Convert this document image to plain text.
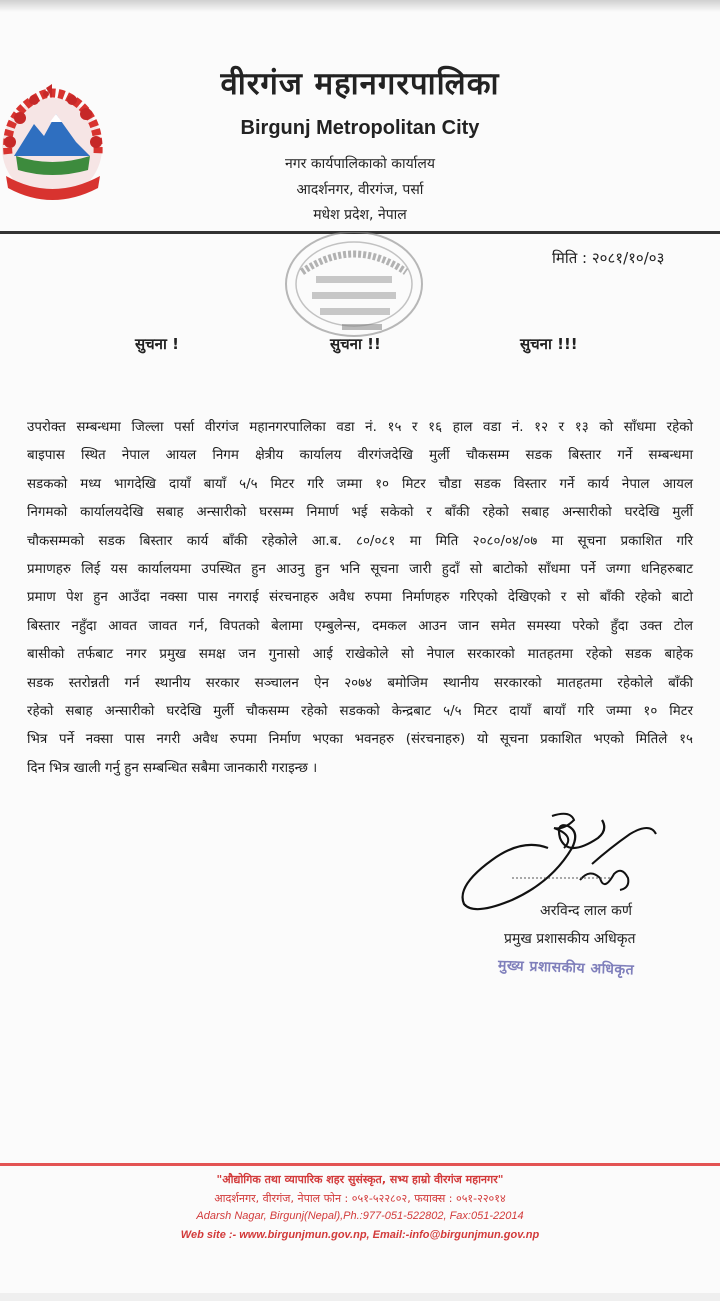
वीरगंज महानगरपालिका
Birgunj Metropolitan City
नगर कार्यपालिकाको कार्यालय
आदर्शनगर, वीरगंज, पर्सा
मधेश प्रदेश, नेपाल
मिति : २०८१/१०/०३
सुचना !	सुचना !!	सुचना !!!
उपरोक्त सम्बन्धमा जिल्ला पर्सा वीरगंज महानगरपालिका वडा नं. १५ र १६ हाल वडा नं. १२ र १३ को साँधमा रहेको
बाइपास स्थित नेपाल आयल निगम क्षेत्रीय कार्यालय वीरगंजदेखि मुर्ली चौकसम्म सडक बिस्तार गर्ने सम्बन्धमा
सडकको मध्य भागदेखि दायाँ बायाँ ५/५ मिटर गरि जम्मा १० मिटर चौडा सडक विस्तार गर्ने कार्य नेपाल आयल
निगमको कार्यालयदेखि सबाह अन्सारीको घरसम्म निमार्ण भई सकेको र बाँकी रहेको सबाह अन्सारीको घरदेखि मुर्ली
चौकसम्मको सडक बिस्तार कार्य बाँकी रहेकोले आ.ब. ८०/०८१ मा मिति २०८०/०४/०७ मा सूचना प्रकाशित गरि
प्रमाणहरु लिई यस कार्यालयमा उपस्थित हुन आउनु हुन भनि सूचना जारी हुदाँ सो बाटोको साँधमा पर्ने जग्गा धनिहरुबाट
प्रमाण पेश हुन आउँदा नक्सा पास नगराई संरचनाहरु अवैध रुपमा निर्माणहरु गरिएको देखिएको र सो बाँकी रहेको बाटो
बिस्तार नहुँदा आवत जावत गर्न, विपतको बेलामा एम्बुलेन्स, दमकल आउन जान समेत समस्या परेको हुँदा उक्त टोल
बासीको तर्फबाट नगर प्रमुख समक्ष जन गुनासो आई राखेकोले सो नेपाल सरकारको मातहतमा रहेको सडक बाहेक
सडक स्तरोन्नती गर्न स्थानीय सरकार सञ्चालन ऐन २०७४ बमोजिम स्थानीय सरकारको मातहतमा रहेकोले बाँकी
रहेको सबाह अन्सारीको घरदेखि मुर्ली चौकसम्म रहेको सडकको केन्द्रबाट ५/५ मिटर दायाँ बायाँ गरि जम्मा १० मिटर
भित्र पर्ने नक्सा पास नगरी अवैध रुपमा निर्माण भएका भवनहरु (संरचनाहरु) यो सूचना प्रकाशित भएको मितिले १५
दिन भित्र खाली गर्नु हुन सम्बन्धित सबैमा जानकारी गराइन्छ ।
अरविन्द लाल कर्ण
प्रमुख प्रशासकीय अधिकृत
मुख्य प्रशासकीय अधिकृत
"औद्योगिक तथा व्यापारिक शहर सुसंस्कृत, सभ्य हाम्रो वीरगंज महानगर"
आदर्शनगर, वीरगंज, नेपाल फोन : ०५१-५२२८०२, फयाक्स : ०५१-२२०१४
Adarsh Nagar, Birgunj(Nepal),Ph.:977-051-522802, Fax:051-22014
Web site :- www.birgunjmun.gov.np, Email:-info@birgunjmun.gov.np
